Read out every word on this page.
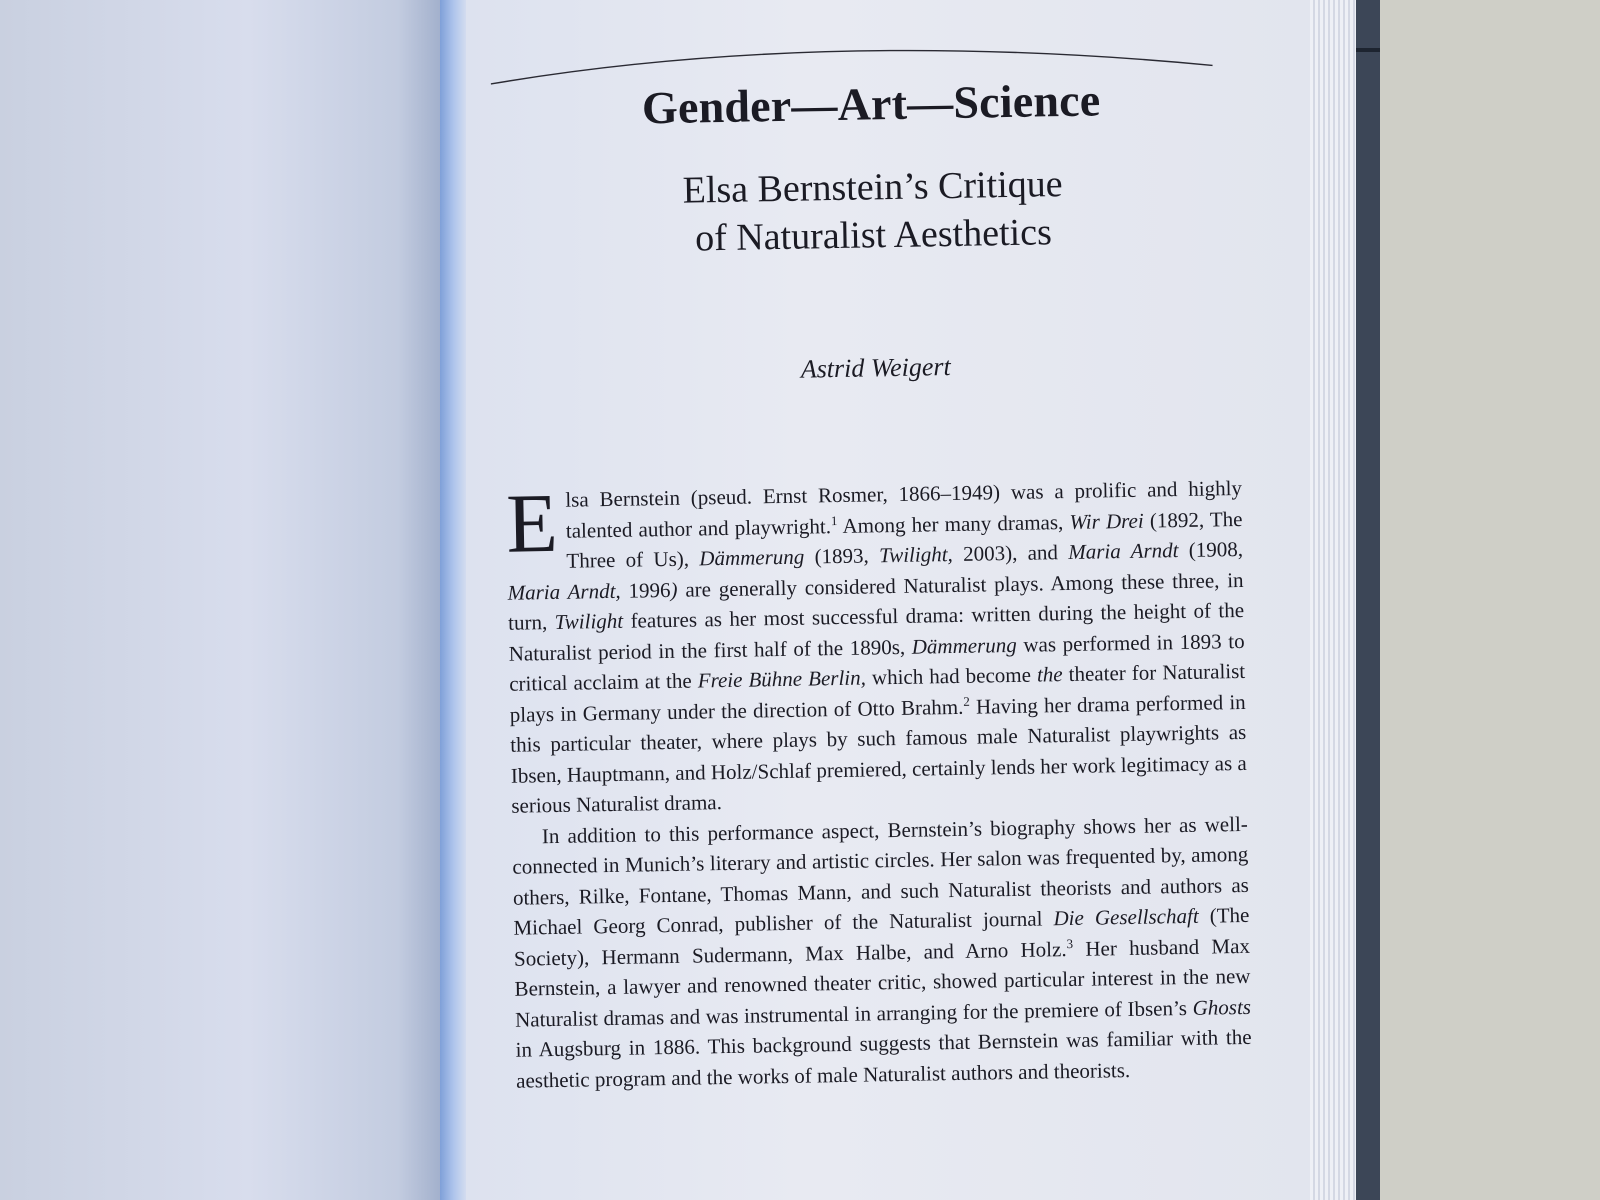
Gender—Art—Science
Elsa Bernstein’s Critique
of Naturalist Aesthetics
Astrid Weigert

E lsa Bernstein (pseud. Ernst Rosmer, 1866–1949) was a prolific and highly talented author and playwright.$^1$ Among her many dramas, Wir Drei (1892, The Three of Us), Dämmerung (1893, Twilight, 2003), and Maria Arndt (1908, Maria Arndt, 1996) are generally considered Naturalist plays. Among these three, in turn, Twilight features as her most successful drama: written during the height of the Naturalist period in the first half of the 1890s, Dämmerung was performed in 1893 to critical acclaim at the Freie Bühne Berlin, which had become the theater for Naturalist plays in Germany under the direction of Otto Brahm.$^2$ Having her drama performed in this particular theater, where plays by such famous male Naturalist playwrights as Ibsen, Hauptmann, and Holz/Schlaf premiered, certainly lends her work legitimacy as a serious Naturalist drama.

In addition to this performance aspect, Bernstein’s biography shows her as well-connected in Munich’s literary and artistic circles. Her salon was frequented by, among others, Rilke, Fontane, Thomas Mann, and such Naturalist theorists and authors as Michael Georg Conrad, publisher of the Naturalist journal Die Gesellschaft (The Society), Hermann Sudermann, Max Halbe, and Arno Holz.$^3$ Her husband Max Bernstein, a lawyer and renowned theater critic, showed particular interest in the new Naturalist dramas and was instrumental in arranging for the premiere of Ibsen’s Ghosts in Augsburg in 1886. This background suggests that Bernstein was familiar with the aesthetic program and the works of male Naturalist authors and theorists.
